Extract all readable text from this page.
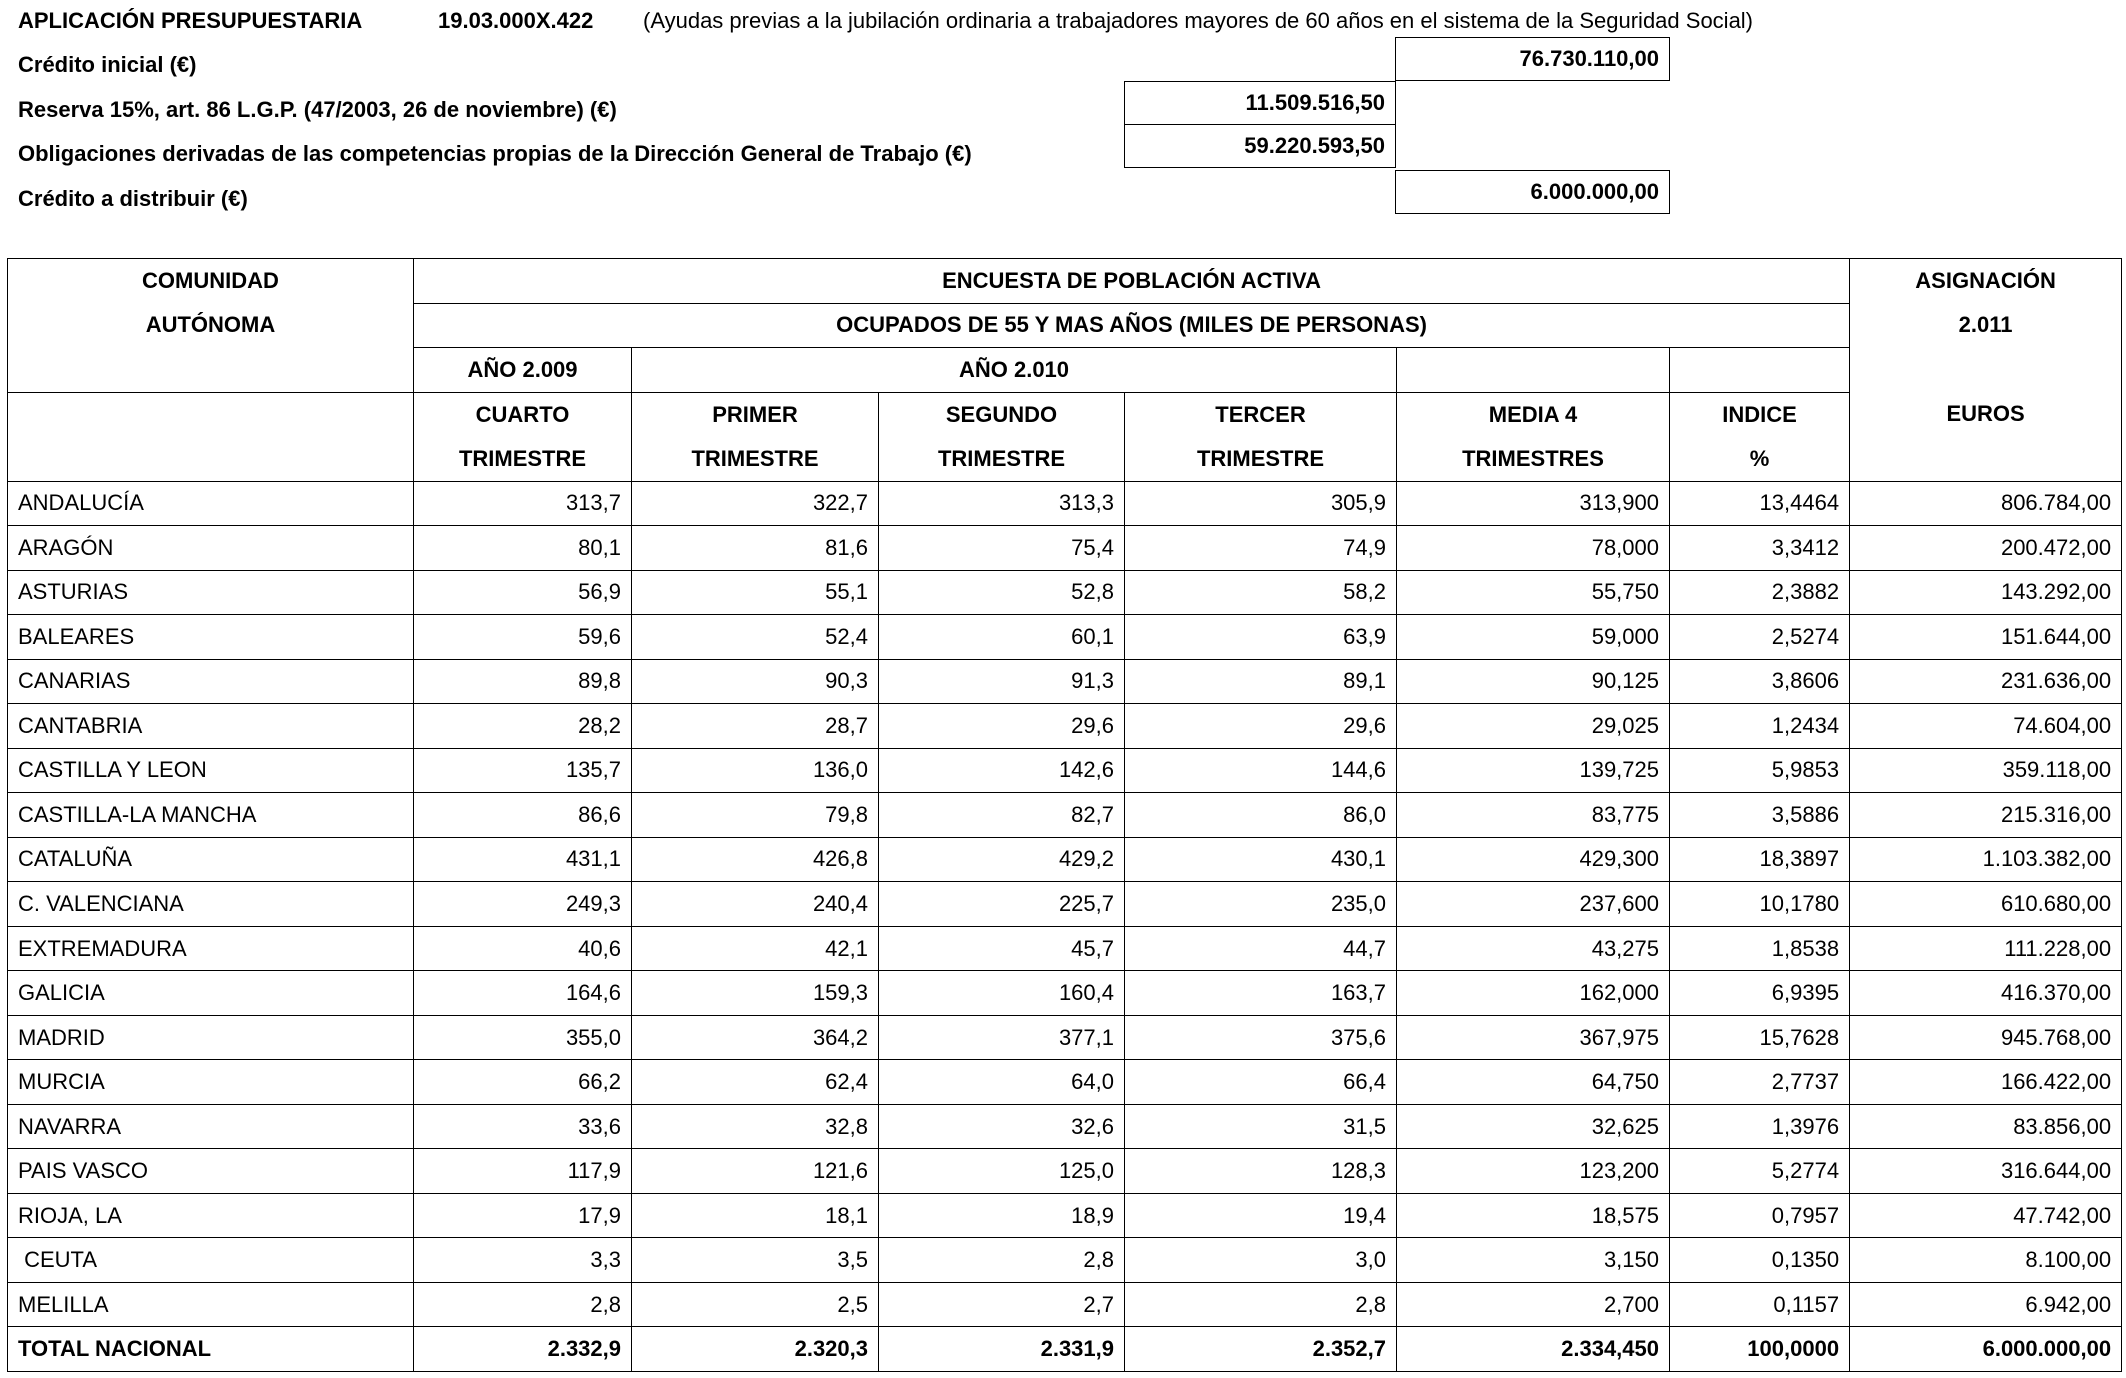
APLICACIÓN PRESUPUESTARIA	19.03.000X.422 (Ayudas previas a la jubilación ordinaria a trabajadores mayores de 60 años en el sistema de la Seguridad Social)
Crédito inicial (€)	76.730.110,00
Reserva 15%, art. 86 L.G.P. (47/2003, 26 de noviembre) (€)	11.509.516,50
Obligaciones derivadas de las competencias propias de la Dirección General de Trabajo (€)	59.220.593,50
Crédito a distribuir (€)	6.000.000,00
COMUNIDAD	ENCUESTA DE POBLACIÓN ACTIVA						ASIGNACIÓN
AUTÓNOMA	OCUPADOS DE 55 Y MAS AÑOS (MILES DE PERSONAS)						2.011
	AÑO 2.009	AÑO 2.010					
	CUARTO	PRIMER	SEGUNDO	TERCER	MEDIA 4	INDICE	EUROS
	TRIMESTRE	TRIMESTRE	TRIMESTRE	TRIMESTRE	TRIMESTRES	%	
ANDALUCÍA	313,7	322,7	313,3	305,9	313,900	13,4464	806.784,00
ARAGÓN	80,1	81,6	75,4	74,9	78,000	3,3412	200.472,00
ASTURIAS	56,9	55,1	52,8	58,2	55,750	2,3882	143.292,00
BALEARES	59,6	52,4	60,1	63,9	59,000	2,5274	151.644,00
CANARIAS	89,8	90,3	91,3	89,1	90,125	3,8606	231.636,00
CANTABRIA	28,2	28,7	29,6	29,6	29,025	1,2434	74.604,00
CASTILLA Y LEON	135,7	136,0	142,6	144,6	139,725	5,9853	359.118,00
CASTILLA-LA MANCHA	86,6	79,8	82,7	86,0	83,775	3,5886	215.316,00
CATALUÑA	431,1	426,8	429,2	430,1	429,300	18,3897	1.103.382,00
C. VALENCIANA	249,3	240,4	225,7	235,0	237,600	10,1780	610.680,00
EXTREMADURA	40,6	42,1	45,7	44,7	43,275	1,8538	111.228,00
GALICIA	164,6	159,3	160,4	163,7	162,000	6,9395	416.370,00
MADRID	355,0	364,2	377,1	375,6	367,975	15,7628	945.768,00
MURCIA	66,2	62,4	64,0	66,4	64,750	2,7737	166.422,00
NAVARRA	33,6	32,8	32,6	31,5	32,625	1,3976	83.856,00
PAIS VASCO	117,9	121,6	125,0	128,3	123,200	5,2774	316.644,00
RIOJA, LA	17,9	18,1	18,9	19,4	18,575	0,7957	47.742,00
CEUTA	3,3	3,5	2,8	3,0	3,150	0,1350	8.100,00
MELILLA	2,8	2,5	2,7	2,8	2,700	0,1157	6.942,00
TOTAL NACIONAL	2.332,9	2.320,3	2.331,9	2.352,7	2.334,450	100,0000	6.000.000,00
